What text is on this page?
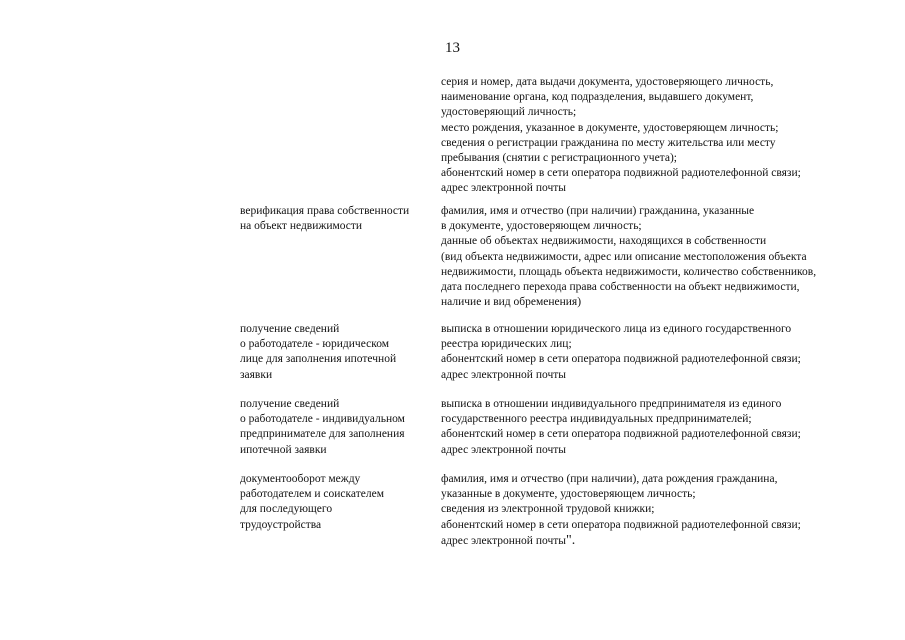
13
серия и номер, дата выдачи документа, удостоверяющего личность,
наименование органа, код подразделения, выдавшего документ,
удостоверяющий личность;
место рождения, указанное в документе, удостоверяющем личность;
сведения о регистрации гражданина по месту жительства или месту
пребывания (снятии с регистрационного учета);
абонентский номер в сети оператора подвижной радиотелефонной связи;
адрес электронной почты
верификация права собственности
на объект недвижимости
фамилия, имя и отчество (при наличии) гражданина, указанные
в документе, удостоверяющем личность;
данные об объектах недвижимости, находящихся в собственности
(вид объекта недвижимости, адрес или описание местоположения объекта
недвижимости, площадь объекта недвижимости, количество собственников,
дата последнего перехода права собственности на объект недвижимости,
наличие и вид обременения)
получение сведений
о работодателе - юридическом
лице для заполнения ипотечной
заявки
выписка в отношении юридического лица из единого государственного
реестра юридических лиц;
абонентский номер в сети оператора подвижной радиотелефонной связи;
адрес электронной почты
получение сведений
о работодателе - индивидуальном
предпринимателе для заполнения
ипотечной заявки
выписка в отношении индивидуального предпринимателя из единого
государственного реестра индивидуальных предпринимателей;
абонентский номер в сети оператора подвижной радиотелефонной связи;
адрес электронной почты
документооборот между
работодателем и соискателем
для последующего
трудоустройства
фамилия, имя и отчество (при наличии), дата рождения гражданина,
указанные в документе, удостоверяющем личность;
сведения из электронной трудовой книжки;
абонентский номер в сети оператора подвижной радиотелефонной связи;
адрес электронной почты".
